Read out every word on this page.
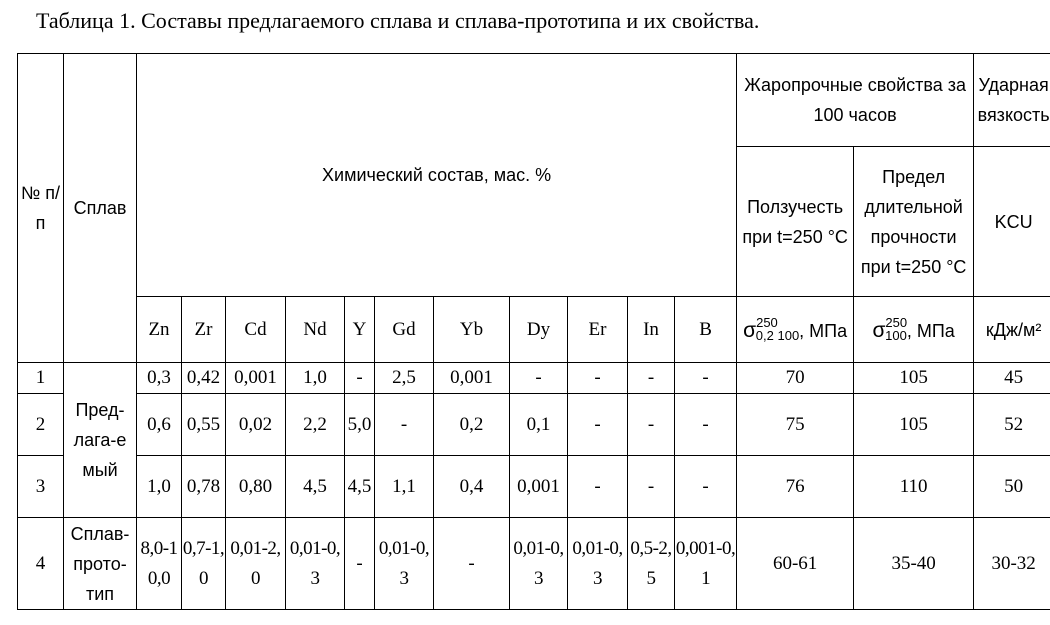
Таблица 1. Составы предлагаемого сплава и сплава-прототипа и их свойства.
№ п/п	Сплав	Химический состав, мас. %	Жаропрочные свойства за 100 часов	Ударная вязкость
Ползучесть при t=250 °C	Предел длительной прочности при t=250 °C	KCU
Zn	Zr	Cd	Nd	Y	Gd	Yb	Dy	Er	In	B	σ2500,2 100, МПа	σ250100, МПа	кДж/м²
1	Пред-лага-емый	0,3	0,42	0,001	1,0	-	2,5	0,001	-	-	-	-	70	105	45
2	0,6	0,55	0,02	2,2	5,0	-	0,2	0,1	-	-	-	75	105	52
3	1,0	0,78	0,80	4,5	4,5	1,1	0,4	0,001	-	-	-	76	110	50
4	Сплав-прото-тип	8,0-10,0	0,7-1,0	0,01-2,0	0,01-0,3	-	0,01-0,3	-	0,01-0,3	0,01-0,3	0,5-2,5	0,001-0,1	60-61	35-40	30-32
